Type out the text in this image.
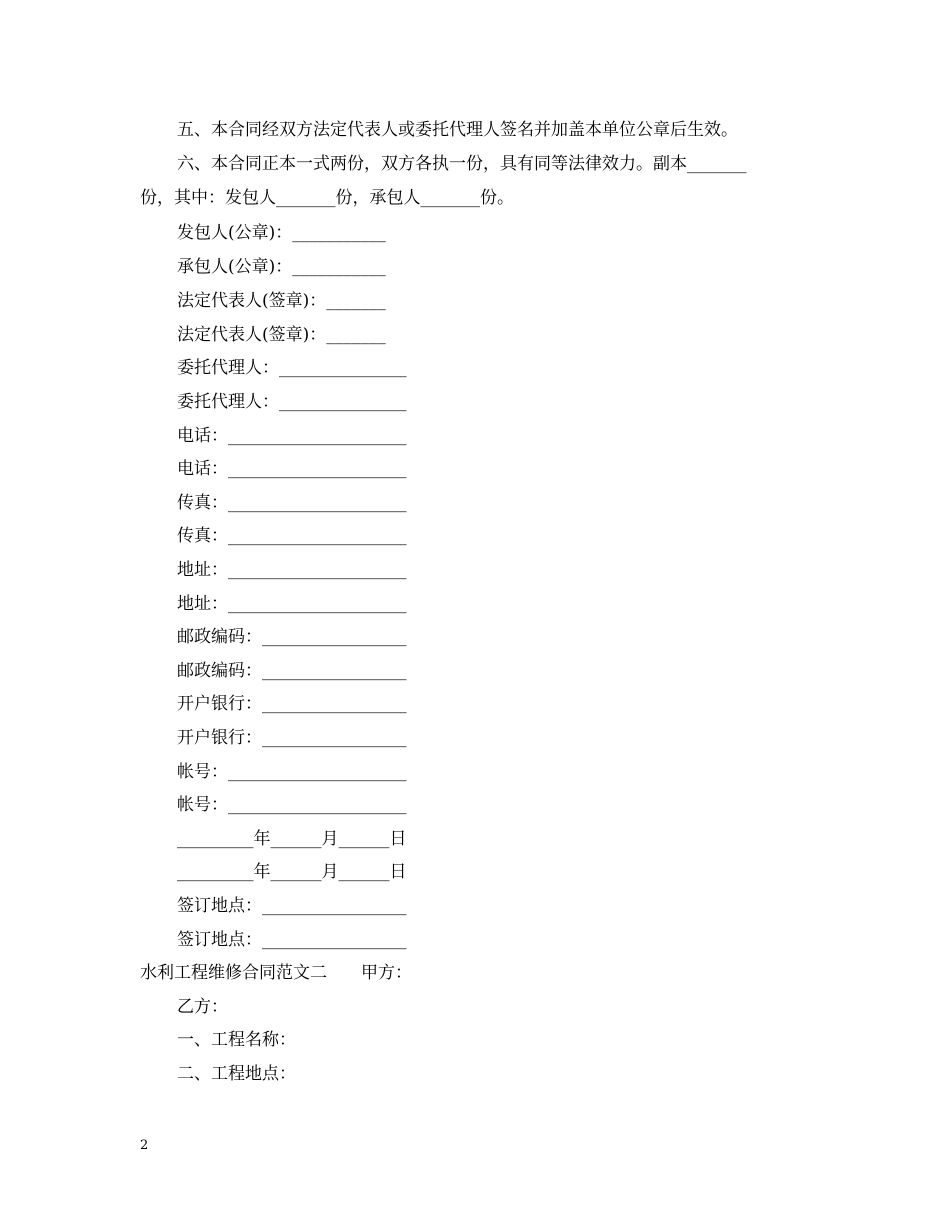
五、本合同经双方法定代表人或委托代理人签名并加盖本单位公章后生效。
六、本合同正本一式两份，双方各执一份，具有同等法律效力。副本_______
份，其中：发包人_______份，承包人_______份。
发包人(公章)：___________
承包人(公章)：___________
法定代表人(签章)：_______
法定代表人(签章)：_______
委托代理人：_______________
委托代理人：_______________
电话：_____________________
电话：_____________________
传真：_____________________
传真：_____________________
地址：_____________________
地址：_____________________
邮政编码：_________________
邮政编码：_________________
开户银行：_________________
开户银行：_________________
帐号：_____________________
帐号：_____________________
_________年______月______日
_________年______月______日
签订地点：_________________
签订地点：_________________
水利工程维修合同范文二　　甲方：
乙方：
一、工程名称：
二、工程地点：
2
